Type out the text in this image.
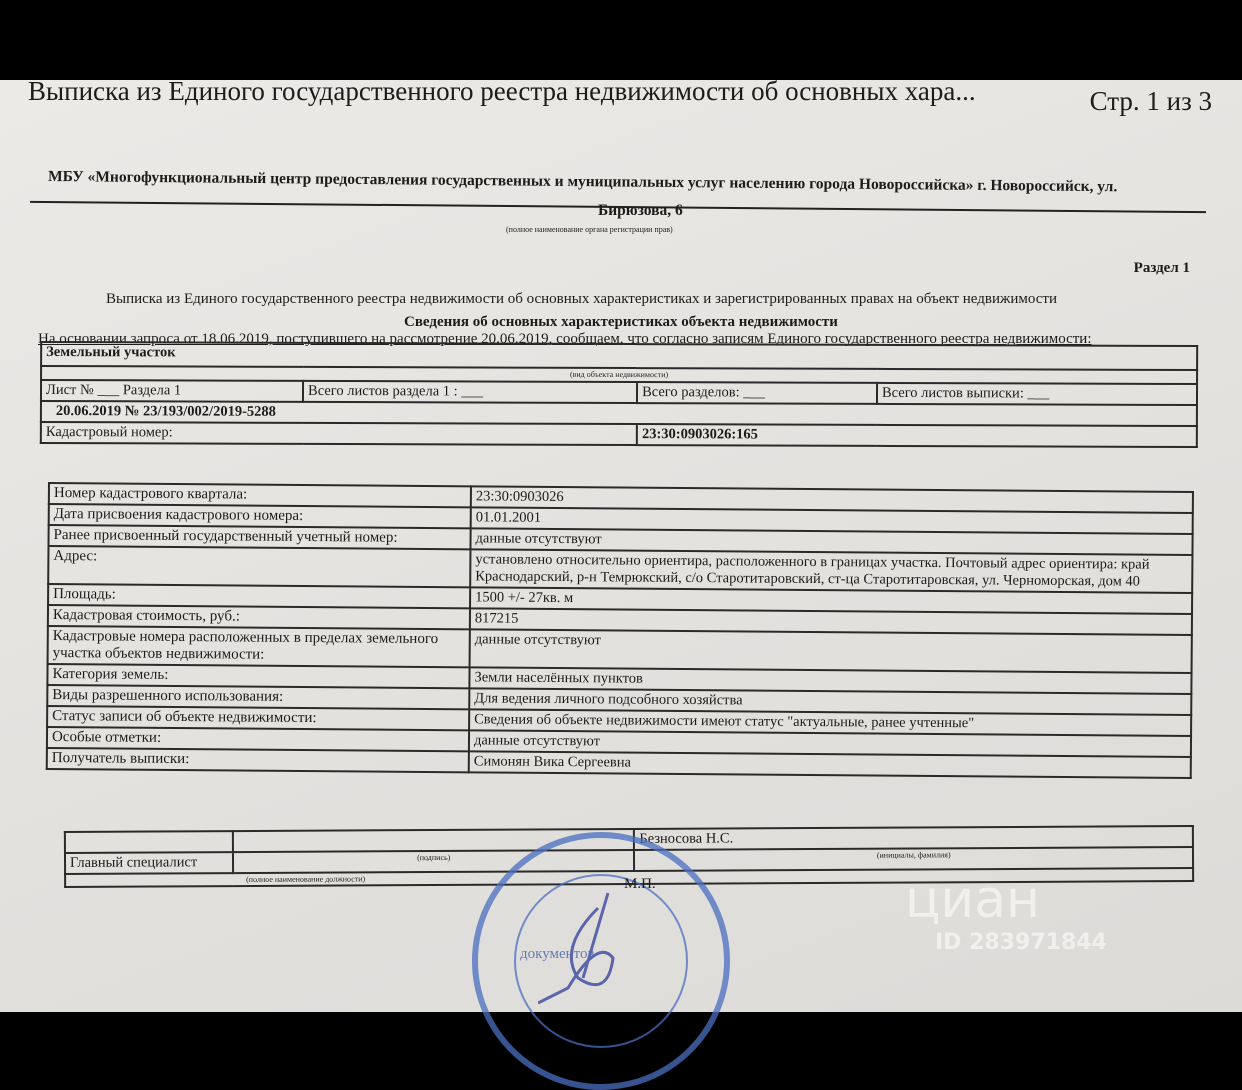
Выписка из Единого государственного реестра недвижимости об основных хара...	Стр. 1 из 3
МБУ «Многофункциональный центр предоставления государственных и муниципальных услуг населению города Новороссийска» г. Новороссийск, ул.
Бирюзова, 6
(полное наименование органа регистрации прав)
Раздел 1
Выписка из Единого государственного реестра недвижимости об основных характеристиках и зарегистрированных правах на объект недвижимости
Сведения об основных характеристиках объекта недвижимости
На основании запроса от 18.06.2019, поступившего на рассмотрение 20.06.2019, сообщаем, что согласно записям Единого государственного реестра недвижимости:
Земельный участок			
(вид объекта недвижимости)			
Лист № ___ Раздела 1	Всего листов раздела 1 : ___	Всего разделов: ___	Всего листов выписки: ___
20.06.2019 № 23/193/002/2019-5288			
Кадастровый номер:		23:30:0903026:165	
Номер кадастрового квартала:	23:30:0903026
Дата присвоения кадастрового номера:	01.01.2001
Ранее присвоенный государственный учетный номер:	данные отсутствуют
Адрес:	установлено относительно ориентира, расположенного в границах участка. Почтовый адрес ориентира: край Краснодарский, р-н Темрюкский, с/о Старотитаровский, ст-ца Старотитаровская, ул. Черноморская, дом 40
Площадь:	1500 +/- 27кв. м
Кадастровая стоимость, руб.:	817215
Кадастровые номера расположенных в пределах земельного участка объектов недвижимости:	данные отсутствуют
Категория земель:	Земли населённых пунктов
Виды разрешенного использования:	Для ведения личного подсобного хозяйства
Статус записи об объекте недвижимости:	Сведения об объекте недвижимости имеют статус "актуальные, ранее учтенные"
Особые отметки:	данные отсутствуют
Получатель выписки:	Симонян Вика Сергеевна
		Безносова Н.С.
Главный специалист	(подпись)	(инициалы, фамилия)
(полное наименование должности)		
документов
М.П.	циан
ID 283971844
